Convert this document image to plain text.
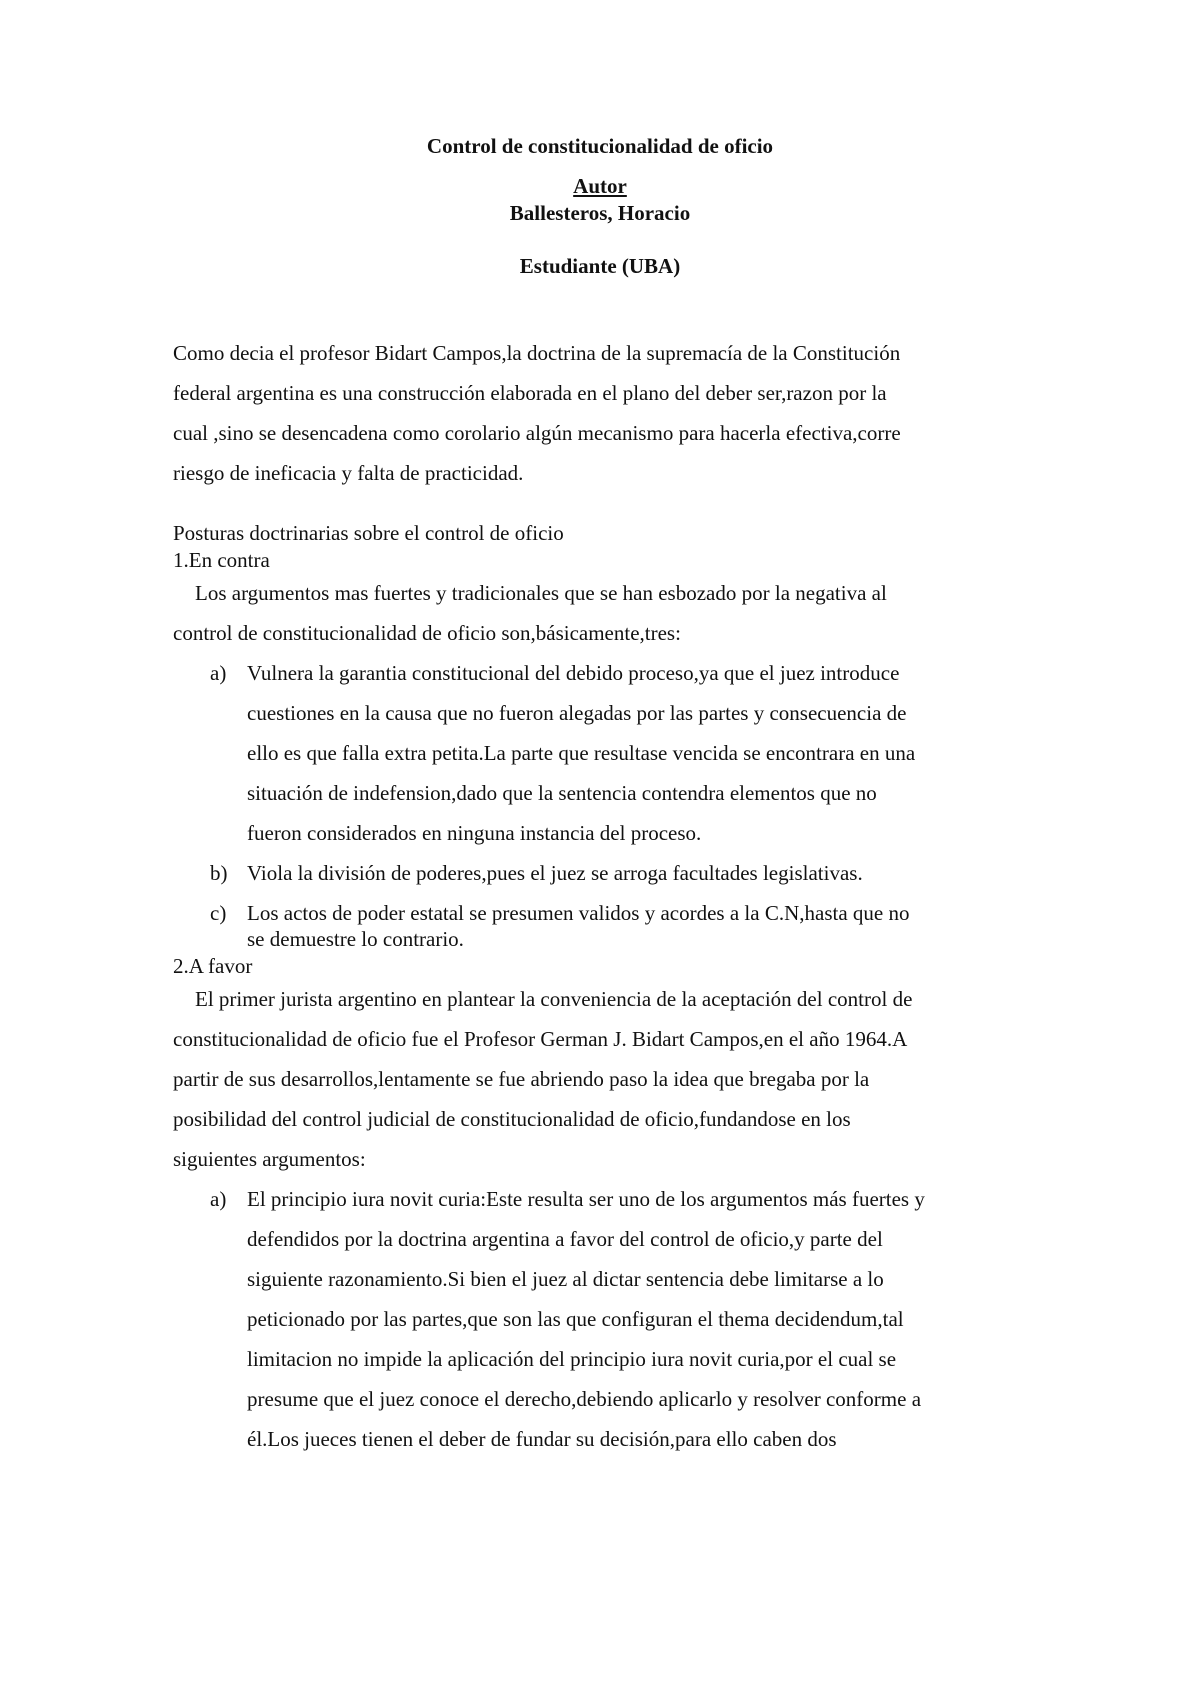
Control de constitucionalidad de oficio
Autor
Ballesteros, Horacio
Estudiante (UBA)
Como decia el profesor Bidart Campos,la doctrina de la supremacía de la Constitución
federal argentina es una construcción elaborada en el plano del deber ser,razon por la
cual ,sino se desencadena como corolario algún mecanismo para hacerla efectiva,corre
riesgo de ineficacia y falta de practicidad.
Posturas doctrinarias sobre el control de oficio
1.En contra
Los argumentos mas fuertes y tradicionales que se han esbozado por la negativa al
control de constitucionalidad de oficio son,básicamente,tres:
a) Vulnera la garantia constitucional del debido proceso,ya que el juez introduce
cuestiones en la causa que no fueron alegadas por las partes y consecuencia de
ello es que falla extra petita.La parte que resultase vencida se encontrara en una
situación de indefension,dado que la sentencia contendra elementos que no
fueron considerados en ninguna instancia del proceso.
b) Viola la división de poderes,pues el juez se arroga facultades legislativas.
c) Los actos de poder estatal se presumen validos y acordes a la C.N,hasta que no
se demuestre lo contrario.
2.A favor
El primer jurista argentino en plantear la conveniencia de la aceptación del control de
constitucionalidad de oficio fue el Profesor German J. Bidart Campos,en el año 1964.A
partir de sus desarrollos,lentamente se fue abriendo paso la idea que bregaba por la
posibilidad del control judicial de constitucionalidad de oficio,fundandose en los
siguientes argumentos:
a) El principio iura novit curia:Este resulta ser uno de los argumentos más fuertes y
defendidos por la doctrina argentina a favor del control de oficio,y parte del
siguiente razonamiento.Si bien el juez al dictar sentencia debe limitarse a lo
peticionado por las partes,que son las que configuran el thema decidendum,tal
limitacion no impide la aplicación del principio iura novit curia,por el cual se
presume que el juez conoce el derecho,debiendo aplicarlo y resolver conforme a
él.Los jueces tienen el deber de fundar su decisión,para ello caben dos
